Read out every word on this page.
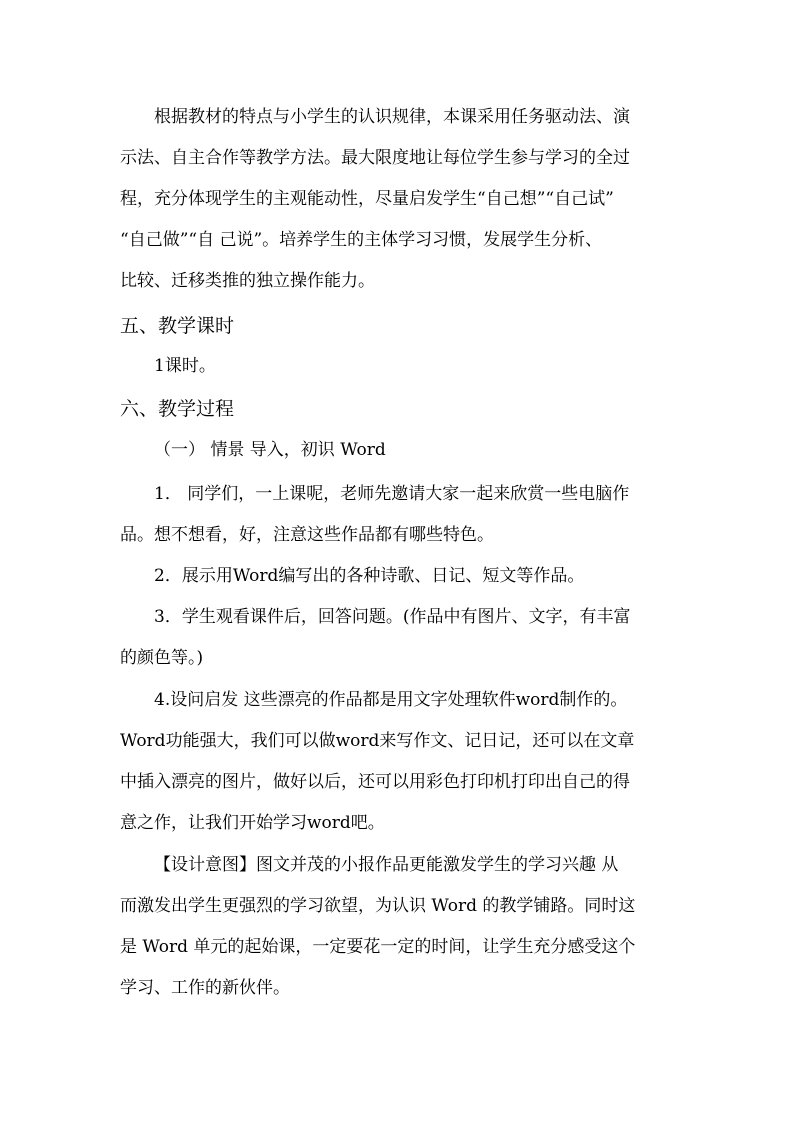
根据教材的特点与小学生的认识规律，本课采用任务驱动法、演
示法、自主合作等教学方法。最大限度地让每位学生参与学习的全过
程，充分体现学生的主观能动性，尽量启发学生“自己想”“自己试”
“自己做”“自 己说”。培养学生的主体学习习惯，发展学生分析、
比较、迁移类推的独立操作能力。
五、教学课时
1课时。
六、教学过程
（一） 情景 导入，初识 Word
1． 同学们，一上课呢，老师先邀请大家一起来欣赏一些电脑作
品。想不想看，好，注意这些作品都有哪些特色。
2．展示用Word编写出的各种诗歌、日记、短文等作品。
3．学生观看课件后，回答问题。(作品中有图片、文字，有丰富
的颜色等。)
4.设问启发 这些漂亮的作品都是用文字处理软件word制作的。
Word功能强大，我们可以做word来写作文、记日记，还可以在文章
中插入漂亮的图片，做好以后，还可以用彩色打印机打印出自己的得
意之作，让我们开始学习word吧。
【设计意图】图文并茂的小报作品更能激发学生的学习兴趣 从
而激发出学生更强烈的学习欲望，为认识 Word 的教学铺路。同时这
是 Word 单元的起始课，一定要花一定的时间，让学生充分感受这个
学习、工作的新伙伴。
